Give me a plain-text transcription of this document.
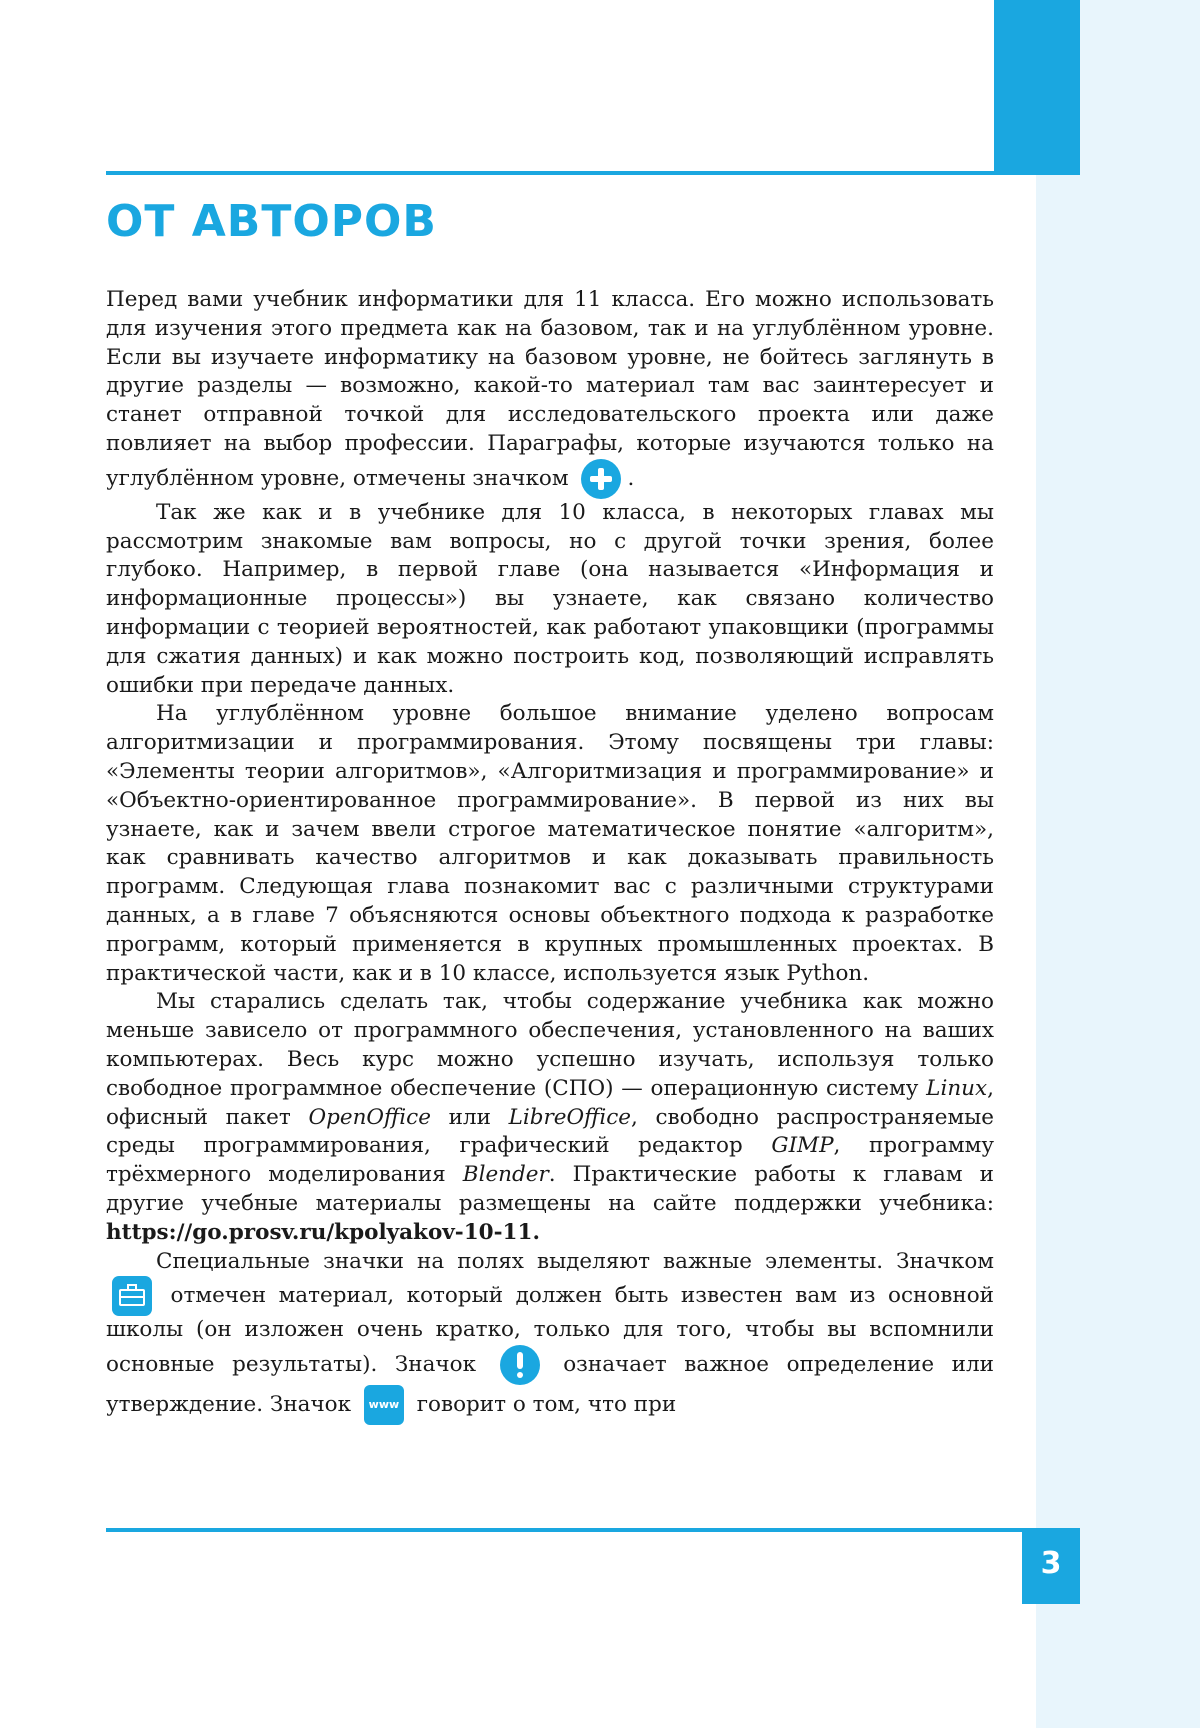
ОТ АВТОРОВ

Перед вами учебник информатики для 11 класса. Его можно использовать для изучения этого предмета как на базовом, так и на углублённом уровне. Если вы изучаете информатику на базовом уровне, не бойтесь заглянуть в другие разделы — возможно, какой-то материал там вас заинтересует и станет отправной точкой для исследовательского проекта или даже повлияет на выбор профессии. Параграфы, которые изучаются только на углублённом уровне, отмечены значком	.

Так же как и в учебнике для 10 класса, в некоторых главах мы рассмотрим знакомые вам вопросы, но с другой точки зрения, более глубоко. Например, в первой главе (она называется «Информация и информационные процессы») вы узнаете, как связано количество информации с теорией вероятностей, как работают упаковщики (программы для сжатия данных) и как можно построить код, позволяющий исправлять ошибки при передаче данных.

На углублённом уровне большое внимание уделено вопросам алгоритмизации и программирования. Этому посвящены три главы: «Элементы теории алгоритмов», «Алгоритмизация и программирование» и «Объектно-ориентированное программирование». В первой из них вы узнаете, как и зачем ввели строгое математическое понятие «алгоритм», как сравнивать качество алгоритмов и как доказывать правильность программ. Следующая глава познакомит вас с различными структурами данных, а в главе 7 объясняются основы объектного подхода к разработке программ, который применяется в крупных промышленных проектах. В практической части, как и в 10 классе, используется язык Python.

Мы старались сделать так, чтобы содержание учебника как можно меньше зависело от программного обеспечения, установленного на ваших компьютерах. Весь курс можно успешно изучать, используя только свободное программное обеспечение (СПО) — операционную систему Linux, офисный пакет OpenOffice или LibreOffice, свободно распространяемые среды программирования, графический редактор GIMP, программу трёхмерного моделирования Blender. Практические работы к главам и другие учебные материалы размещены на сайте поддержки учебника: https://go.prosv.ru/kpolyakov-10-11.

Специальные значки на полях выделяют важные элементы. Значком
отмечен материал, который должен быть известен вам из основной школы (он изложен очень кратко, только для того, чтобы вы вспомнили основные результаты). Значок	означает важное определение или утверждение. Значок www говорит о том, что при

3
